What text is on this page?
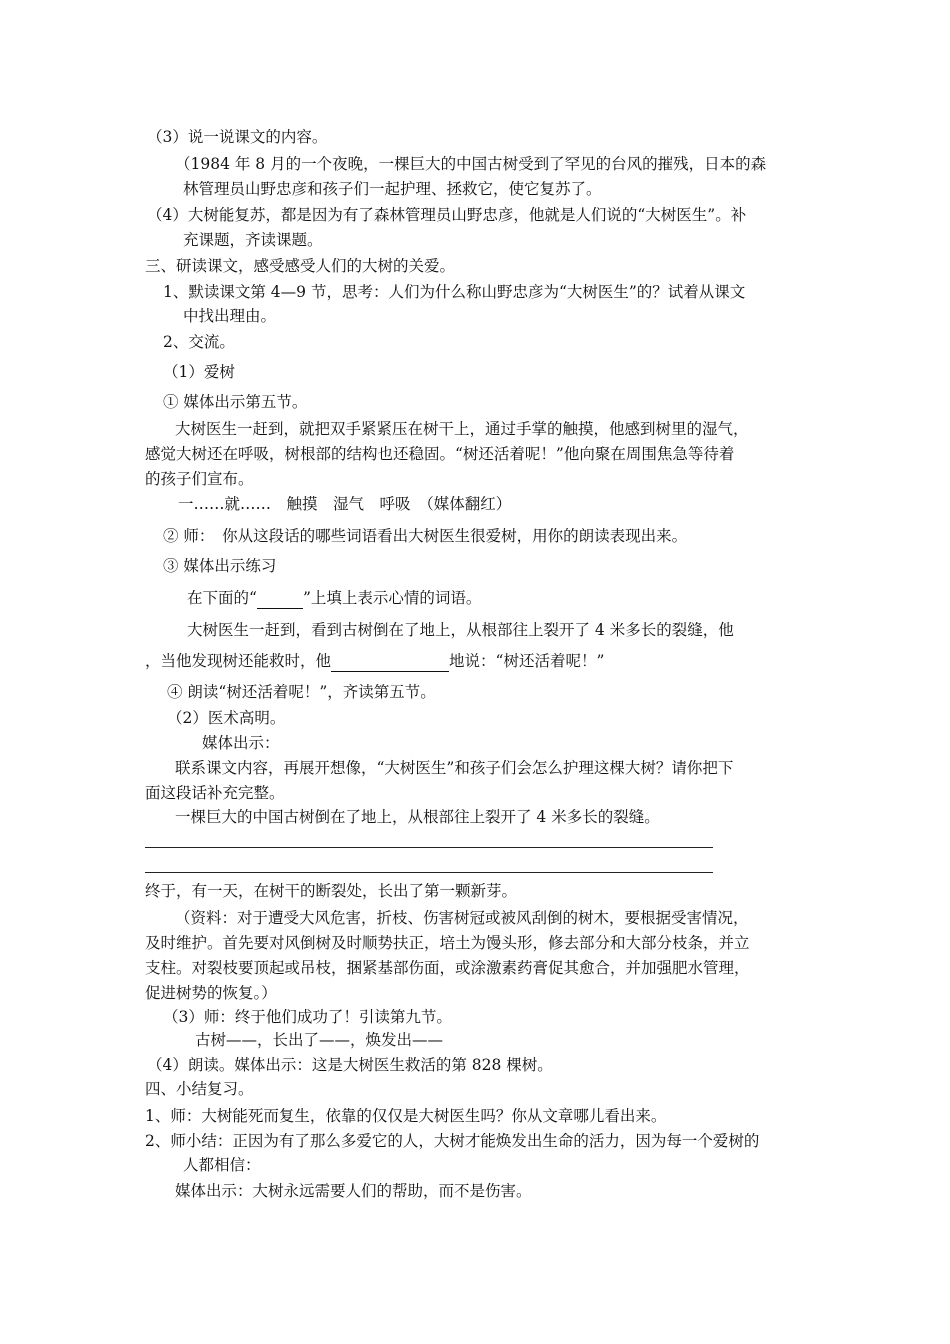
（3）说一说课文的内容。
（1984 年 8 月的一个夜晚，一棵巨大的中国古树受到了罕见的台风的摧残，日本的森
林管理员山野忠彦和孩子们一起护理、拯救它，使它复苏了。
（4）大树能复苏，都是因为有了森林管理员山野忠彦，他就是人们说的“大树医生”。补
充课题，齐读课题。
三、研读课文，感受感受人们的大树的关爱。
1、默读课文第 4—9 节，思考：人们为什么称山野忠彦为“大树医生”的？试着从课文
中找出理由。
2、交流。
（1）爱树
① 媒体出示第五节。
大树医生一赶到，就把双手紧紧压在树干上，通过手掌的触摸，他感到树里的湿气，
感觉大树还在呼吸，树根部的结构也还稳固。“树还活着呢！”他向聚在周围焦急等待着
的孩子们宣布。
一……就……　触摸　湿气　呼吸　（媒体翻红）
② 师：　你从这段话的哪些词语看出大树医生很爱树，用你的朗读表现出来。
③ 媒体出示练习
在下面的“	”上填上表示心情的词语。
大树医生一赶到，看到古树倒在了地上，从根部往上裂开了 4 米多长的裂缝，他
，当他发现树还能救时，他	地说：“树还活着呢！”
④ 朗读“树还活着呢！”，齐读第五节。
（2）医术高明。
媒体出示：
联系课文内容，再展开想像，“大树医生”和孩子们会怎么护理这棵大树？请你把下
面这段话补充完整。
一棵巨大的中国古树倒在了地上，从根部往上裂开了 4 米多长的裂缝。
终于，有一天，在树干的断裂处，长出了第一颗新芽。
（资料：对于遭受大风危害，折枝、伤害树冠或被风刮倒的树木，要根据受害情况，
及时维护。首先要对风倒树及时顺势扶正，培土为馒头形，修去部分和大部分枝条，并立
支柱。对裂枝要顶起或吊枝，捆紧基部伤面，或涂激素药膏促其愈合，并加强肥水管理，
促进树势的恢复。）
（3）师：终于他们成功了！引读第九节。
古树——，长出了——，焕发出——
（4）朗读。媒体出示：这是大树医生救活的第 828 棵树。
四、小结复习。
1、师：大树能死而复生，依靠的仅仅是大树医生吗？你从文章哪儿看出来。
2、师小结：正因为有了那么多爱它的人，大树才能焕发出生命的活力，因为每一个爱树的
人都相信：
媒体出示：大树永远需要人们的帮助，而不是伤害。
